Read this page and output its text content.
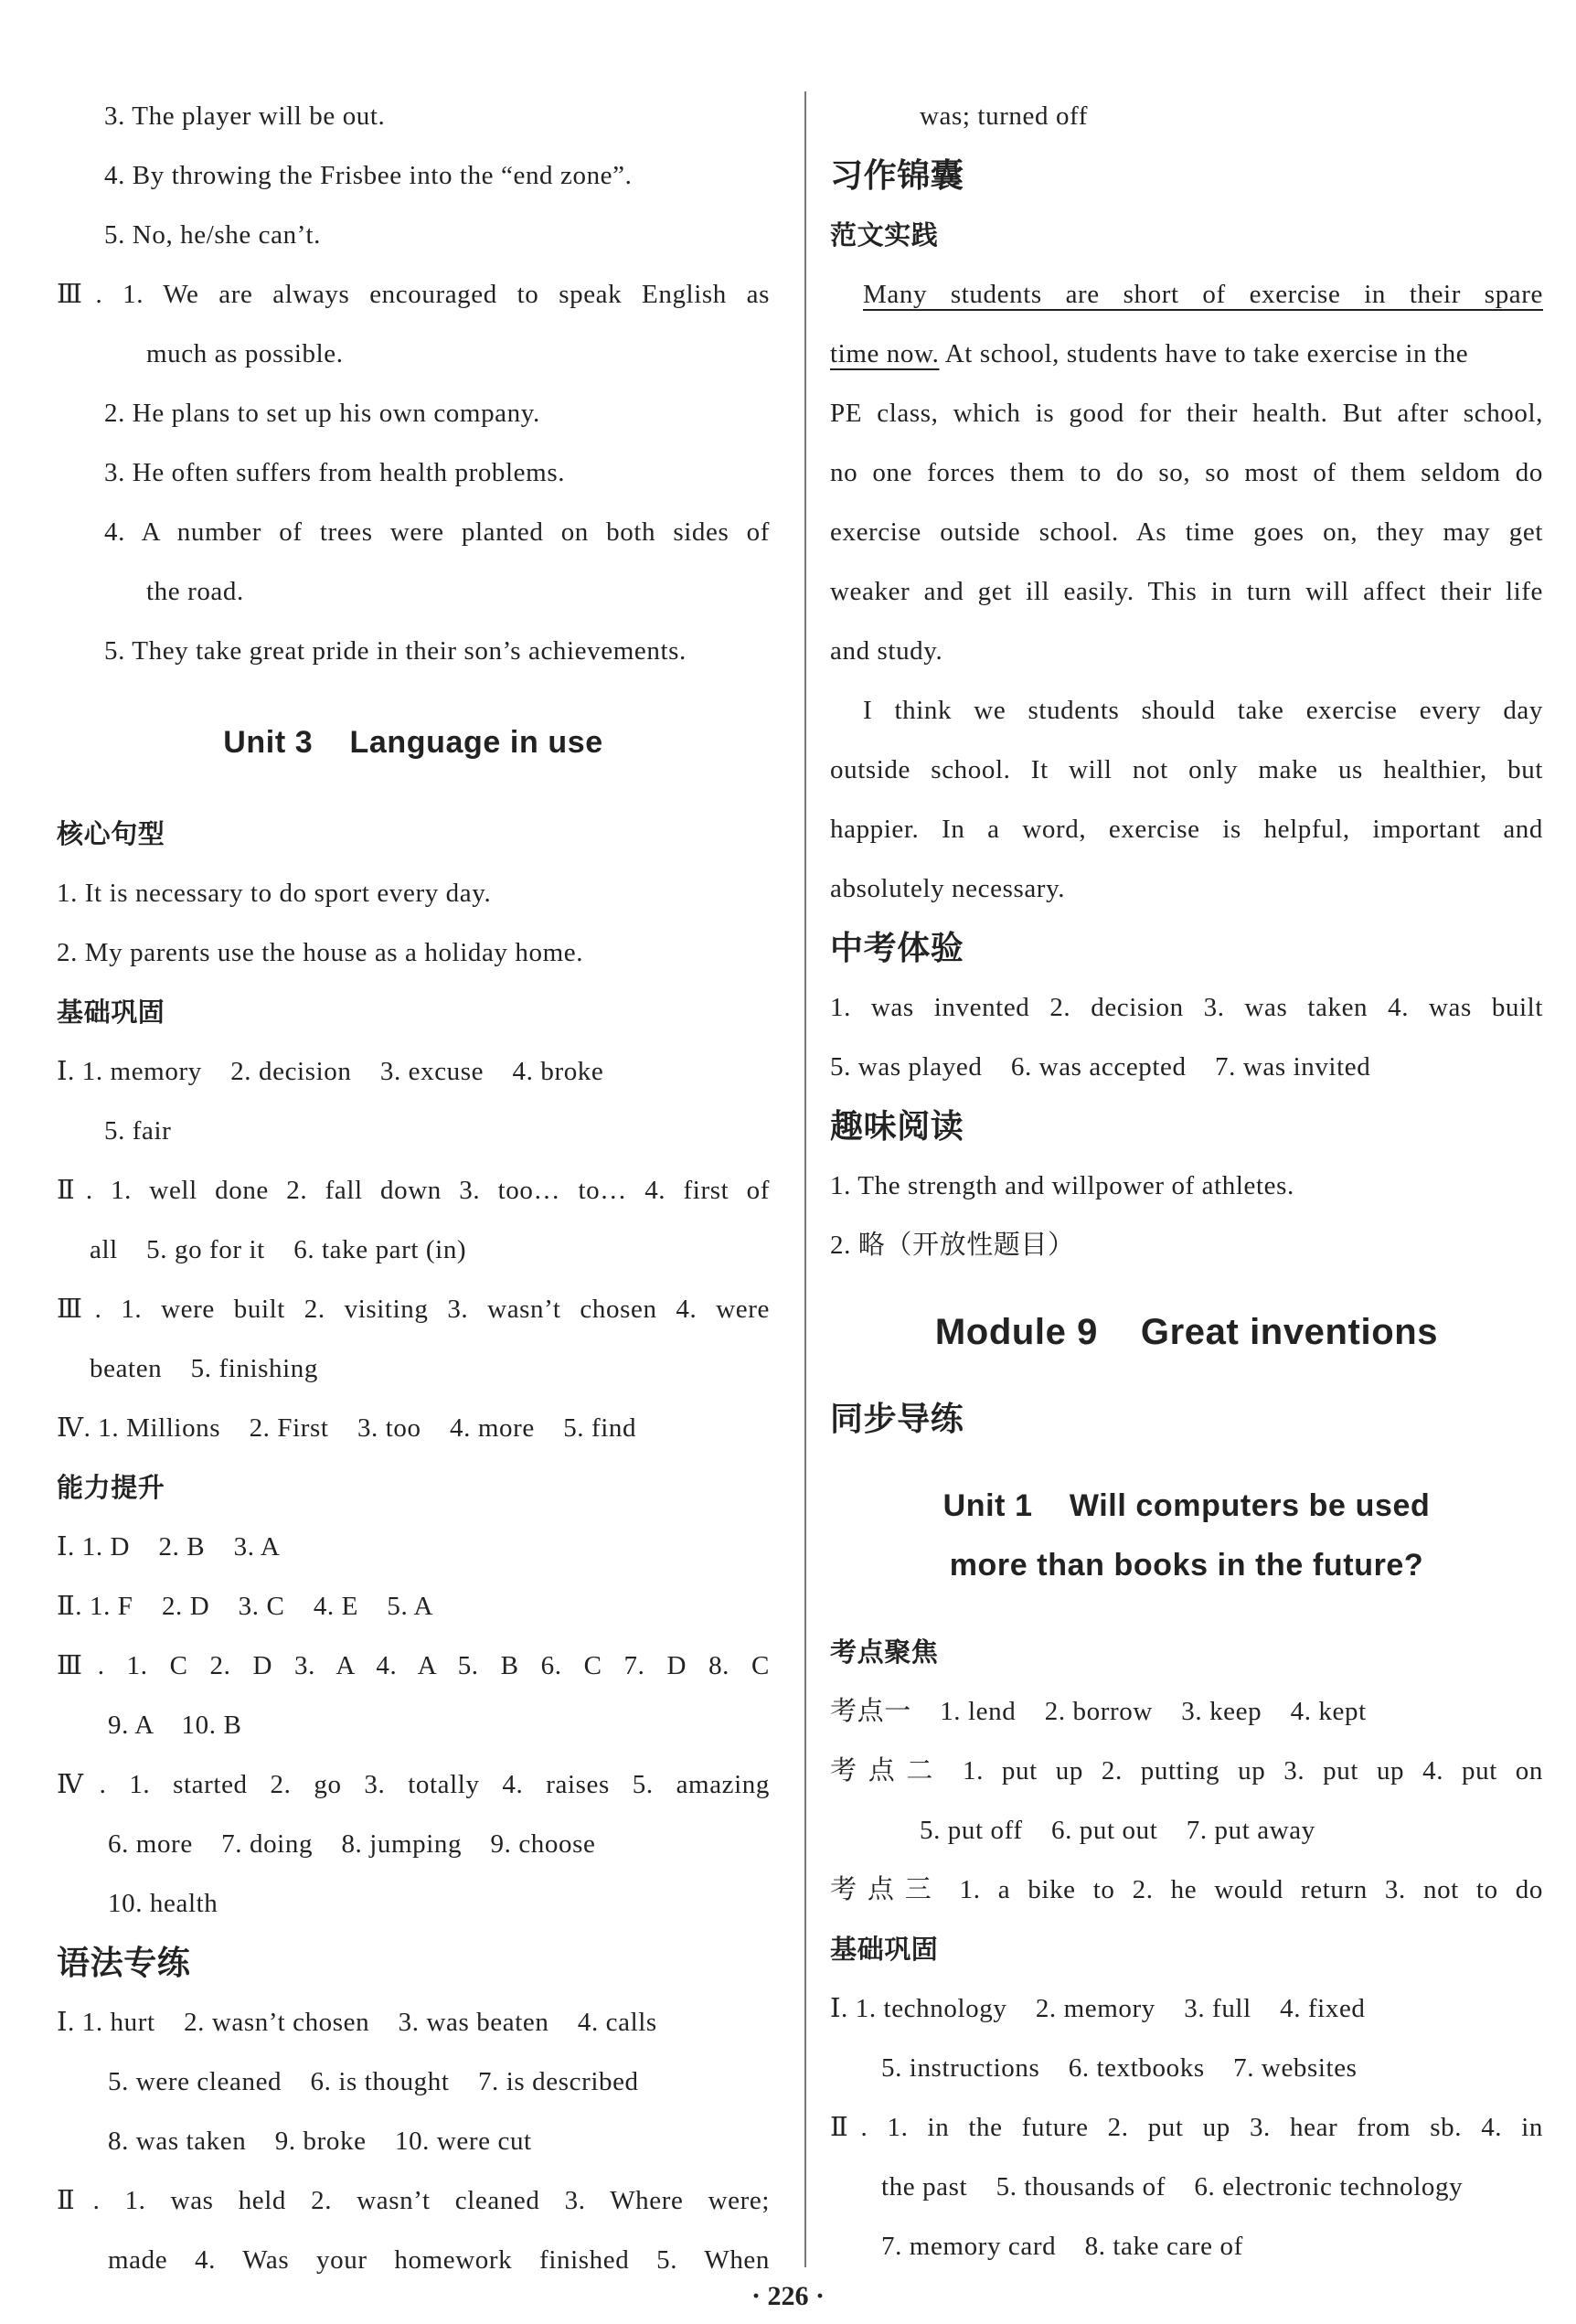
3. The player will be out.
4. By throwing the Frisbee into the “end zone”.
5. No, he/she can’t.
Ⅲ. 1. We are always encouraged to speak English as
much as possible.
2. He plans to set up his own company.
3. He often suffers from health problems.
4. A number of trees were planted on both sides of
the road.
5. They take great pride in their son’s achievements.
Unit 3    Language in use
核心句型
1. It is necessary to do sport every day.
2. My parents use the house as a holiday home.
基础巩固
Ⅰ. 1. memory    2. decision    3. excuse    4. broke
5. fair
Ⅱ. 1. well done 2. fall down 3. too… to… 4. first of
all    5. go for it    6. take part (in)
Ⅲ. 1. were built 2. visiting 3. wasn’t chosen 4. were
beaten    5. finishing
Ⅳ. 1. Millions    2. First    3. too    4. more    5. find
能力提升
Ⅰ. 1. D    2. B    3. A
Ⅱ. 1. F    2. D    3. C    4. E    5. A
Ⅲ. 1. C 2. D 3. A 4. A 5. B 6. C 7. D 8. C
9. A    10. B
Ⅳ. 1. started 2. go 3. totally 4. raises 5. amazing
6. more    7. doing    8. jumping    9. choose
10. health
语法专练
Ⅰ. 1. hurt    2. wasn’t chosen    3. was beaten    4. calls
5. were cleaned    6. is thought    7. is described
8. was taken    9. broke    10. were cut
Ⅱ. 1. was held 2. wasn’t cleaned 3. Where were;
made 4. Was your homework finished 5. When
was; turned off
习作锦囊
范文实践
Many students are short of exercise in their spare
time now. At school, students have to take exercise in the
PE class, which is good for their health. But after school,
no one forces them to do so, so most of them seldom do
exercise outside school. As time goes on, they may get
weaker and get ill easily. This in turn will affect their life
and study.
I think we students should take exercise every day
outside school. It will not only make us healthier, but
happier. In a word, exercise is helpful, important and
absolutely necessary.
中考体验
1. was invented 2. decision 3. was taken 4. was built
5. was played    6. was accepted    7. was invited
趣味阅读
1. The strength and willpower of athletes.
2. 略（开放性题目）
Module 9    Great inventions
同步导练
Unit 1    Will computers be used
more than books in the future?
考点聚焦
考点一    1. lend    2. borrow    3. keep    4. kept
考点二 1. put up 2. putting up 3. put up 4. put on
5. put off    6. put out    7. put away
考点三 1. a bike to 2. he would return 3. not to do
基础巩固
Ⅰ. 1. technology    2. memory    3. full    4. fixed
5. instructions    6. textbooks    7. websites
Ⅱ. 1. in the future 2. put up 3. hear from sb. 4. in
the past    5. thousands of    6. electronic technology
7. memory card    8. take care of
· 226 ·
